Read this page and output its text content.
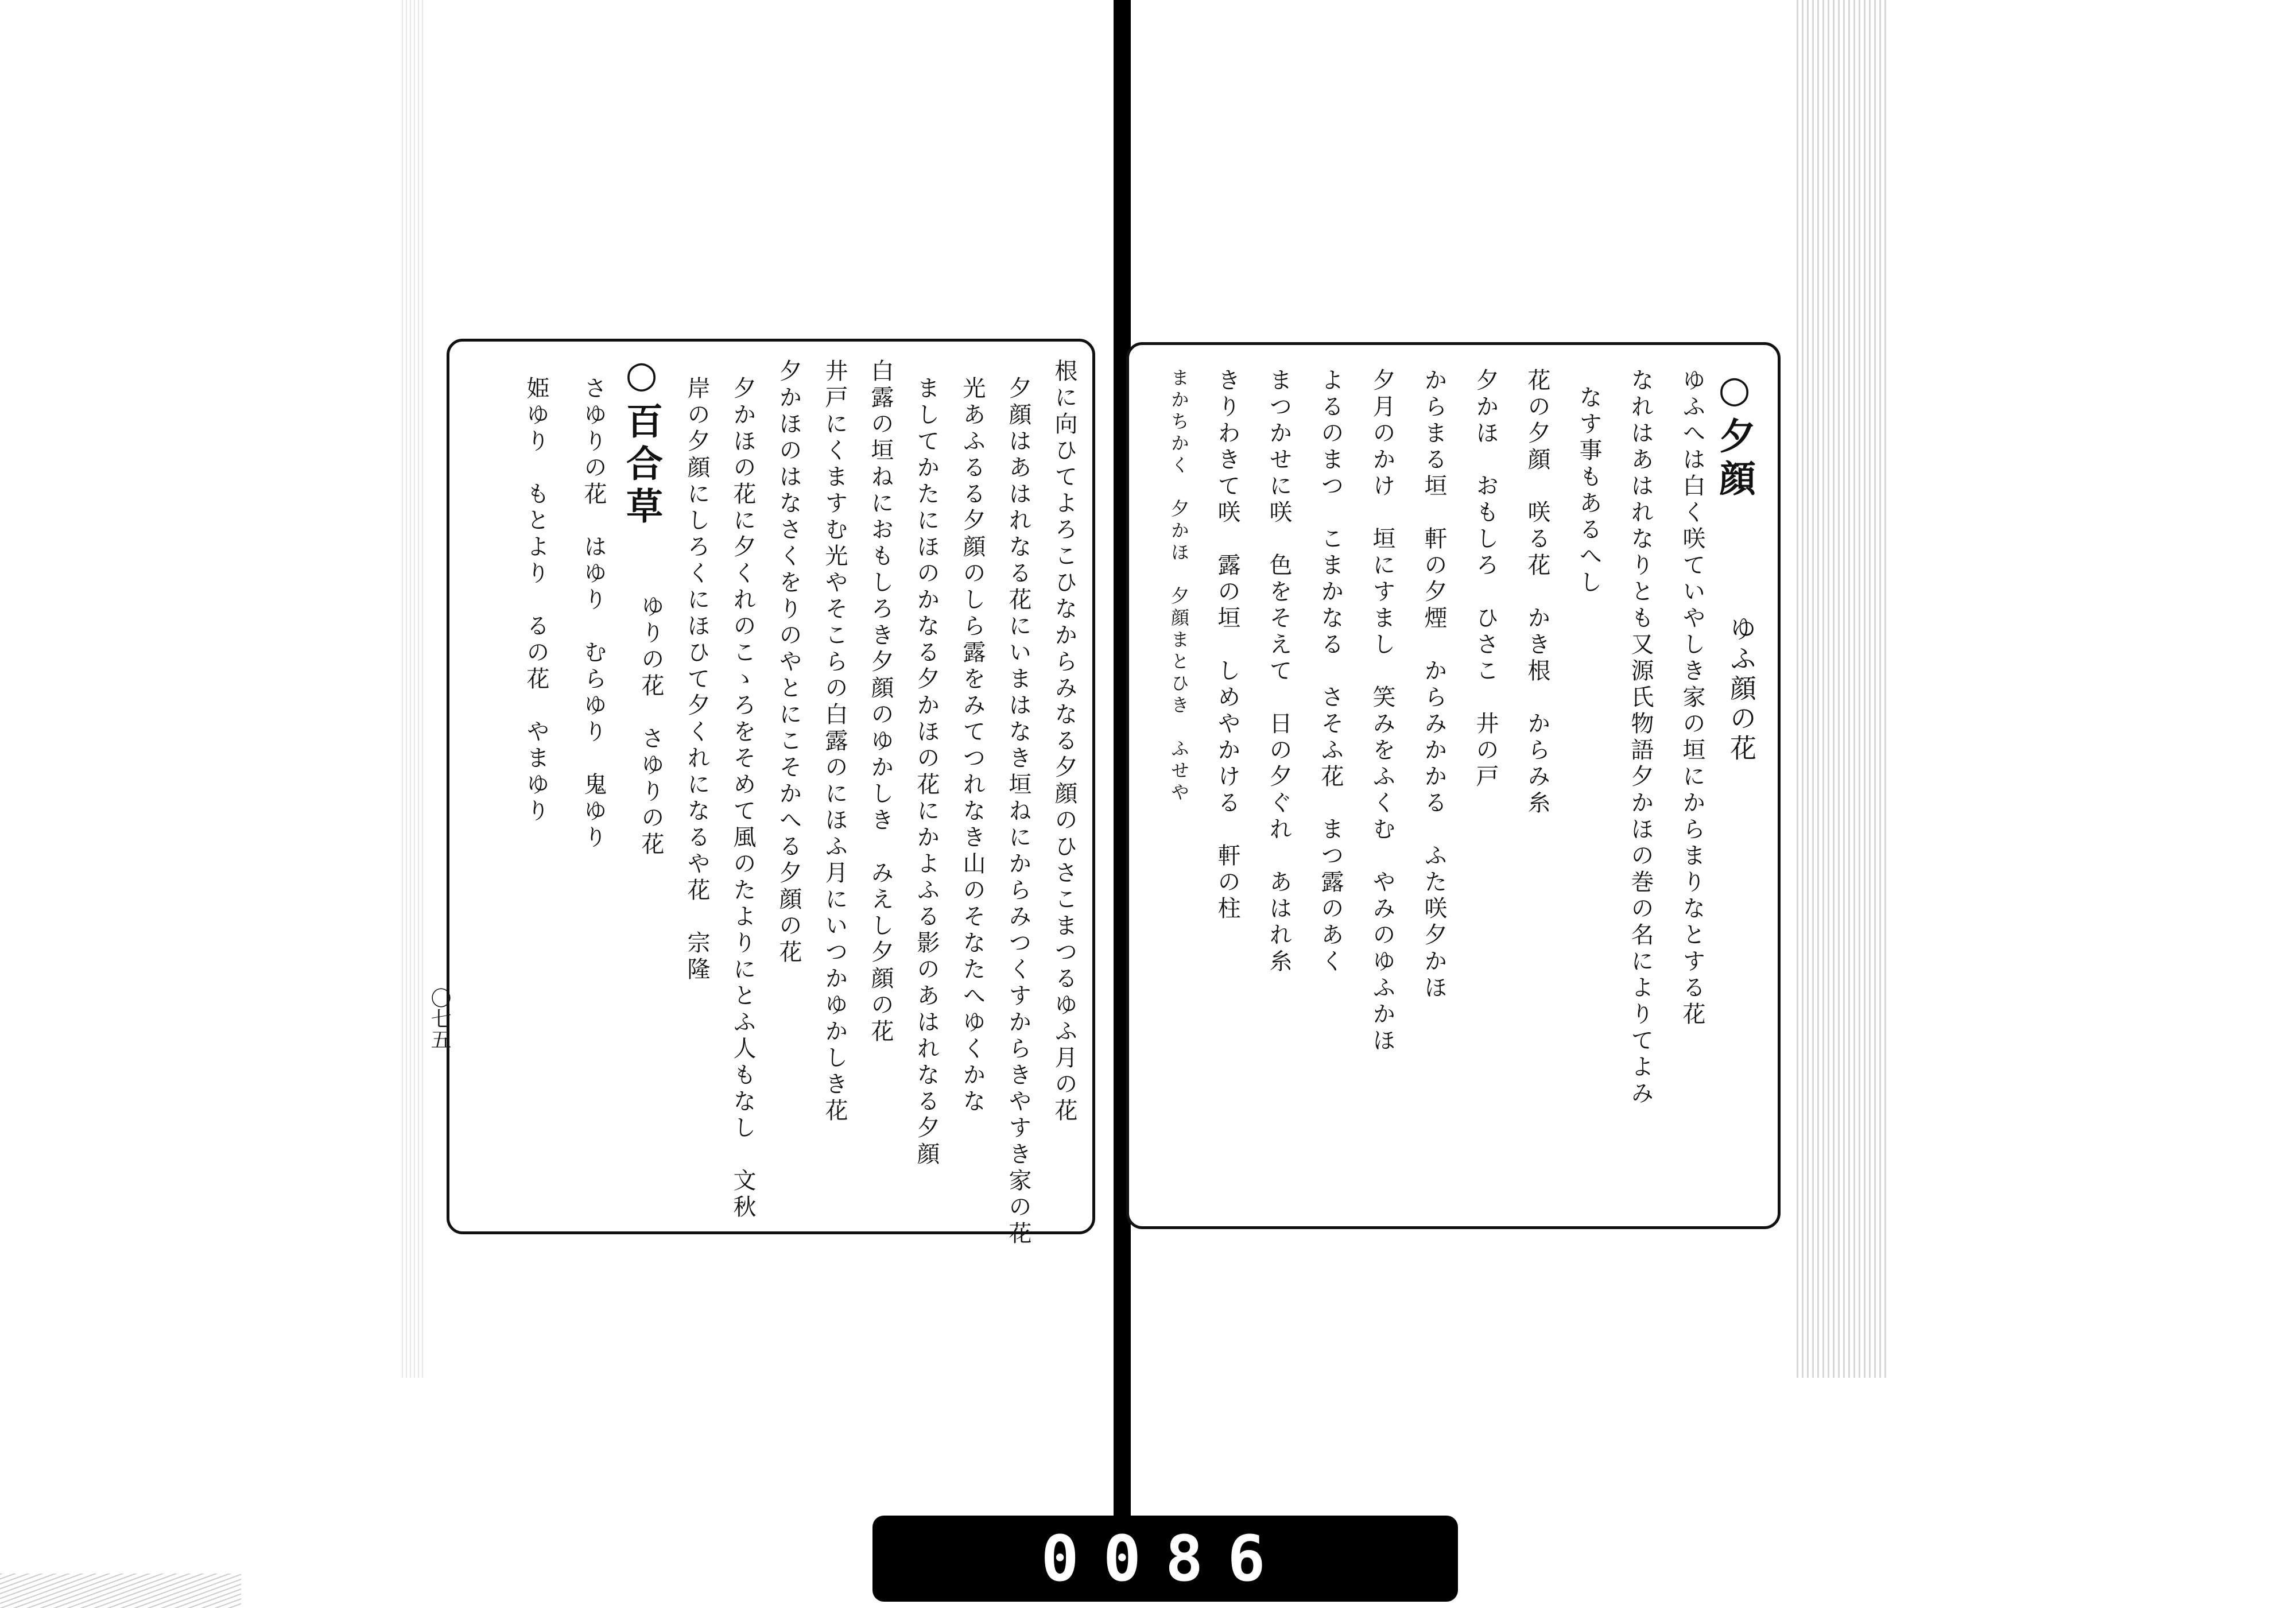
○夕顔
ゆふ顔の花
ゆふへは白く咲ていやしき家の垣にからまりなとする花
なれはあはれなりとも又源氏物語夕かほの巻の名によりてよみ
なす事もあるへし
花の夕顔　咲る花　かき根　からみ糸
夕かほ　おもしろ　ひさこ　井の戸
からまる垣　軒の夕煙　からみかかる　ふた咲夕かほ
夕月のかけ　垣にすまし　笑みをふくむ　やみのゆふかほ
よるのまつ　こまかなる　さそふ花　まつ露のあく
まつかせに咲　色をそえて　日の夕ぐれ　あはれ糸
きりわきて咲　露の垣　しめやかける　軒の柱
まかちかく　夕かほ　夕顔まとひき　ふせや
根に向ひてよろこひなからみなる夕顔のひさこまつるゆふ月の花
夕顔はあはれなる花にいまはなき垣ねにからみつくすからきやすき家の花
光あふるる夕顔のしら露をみてつれなき山のそなたへゆくかな
ましてかたにほのかなる夕かほの花にかよふる影のあはれなる夕顔
白露の垣ねにおもしろき夕顔のゆかしき　みえし夕顔の花　
井戸にくますむ光やそこらの白露のにほふ月にいつかゆかしき花　
夕かほのはなさくをりのやとにこそかへる夕顔の花
夕かほの花に夕くれのこゝろをそめて風のたよりにとふ人もなし　文秋
岸の夕顔にしろくにほひて夕くれになるや花　宗隆
○百合草
ゆりの花　さゆりの花
さゆりの花　はゆり　むらゆり　鬼ゆり
姫ゆり　もとより　るの花　やまゆり
〇七五
0086
